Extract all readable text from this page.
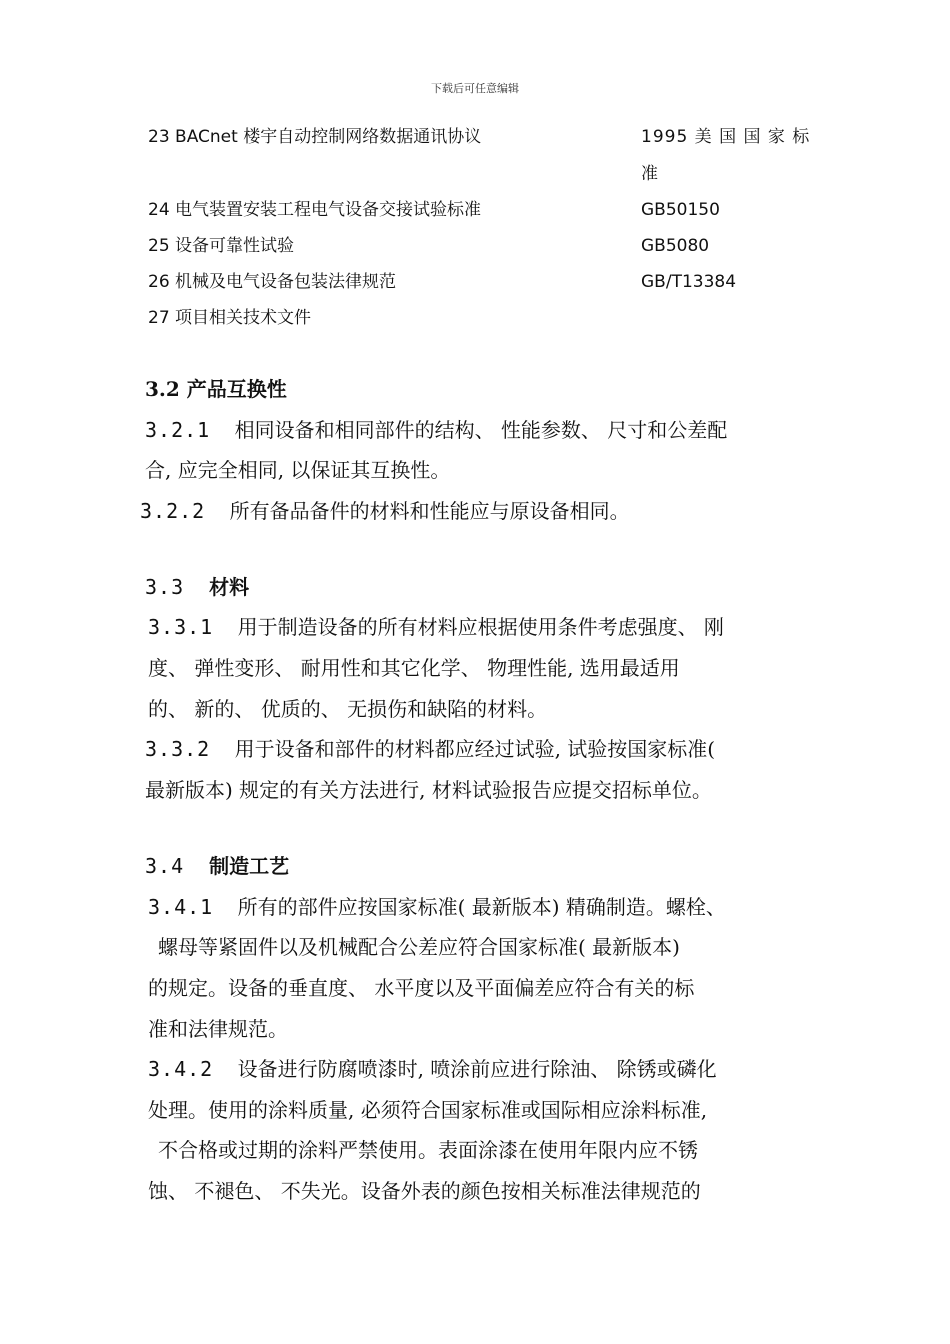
下载后可任意编辑
23 BACnet 楼宇自动控制网络数据通讯协议	1995 美 国 国 家 标
准
24 电气装置安装工程电气设备交接试验标准	GB50150
25 设备可靠性试验	GB5080
26 机械及电气设备包装法律规范	GB/T13384
27 项目相关技术文件
3.2 产品互换性
3.2.1 相同设备和相同部件的结构、 性能参数、 尺寸和公差配
合, 应完全相同, 以保证其互换性。
3.2.2 所有备品备件的材料和性能应与原设备相同。
3.3 材料
3.3.1 用于制造设备的所有材料应根据使用条件考虑强度、 刚
度、 弹性变形、 耐用性和其它化学、 物理性能, 选用最适用
的、 新的、 优质的、 无损伤和缺陷的材料。
3.3.2 用于设备和部件的材料都应经过试验, 试验按国家标准(
最新版本) 规定的有关方法进行, 材料试验报告应提交招标单位。
3.4 制造工艺
3.4.1 所有的部件应按国家标准( 最新版本) 精确制造。螺栓、
螺母等紧固件以及机械配合公差应符合国家标准( 最新版本)
的规定。设备的垂直度、 水平度以及平面偏差应符合有关的标
准和法律规范。
3.4.2 设备进行防腐喷漆时, 喷涂前应进行除油、 除锈或磷化
处理。使用的涂料质量, 必须符合国家标准或国际相应涂料标准,
不合格或过期的涂料严禁使用。表面涂漆在使用年限内应不锈
蚀、 不褪色、 不失光。设备外表的颜色按相关标准法律规范的
